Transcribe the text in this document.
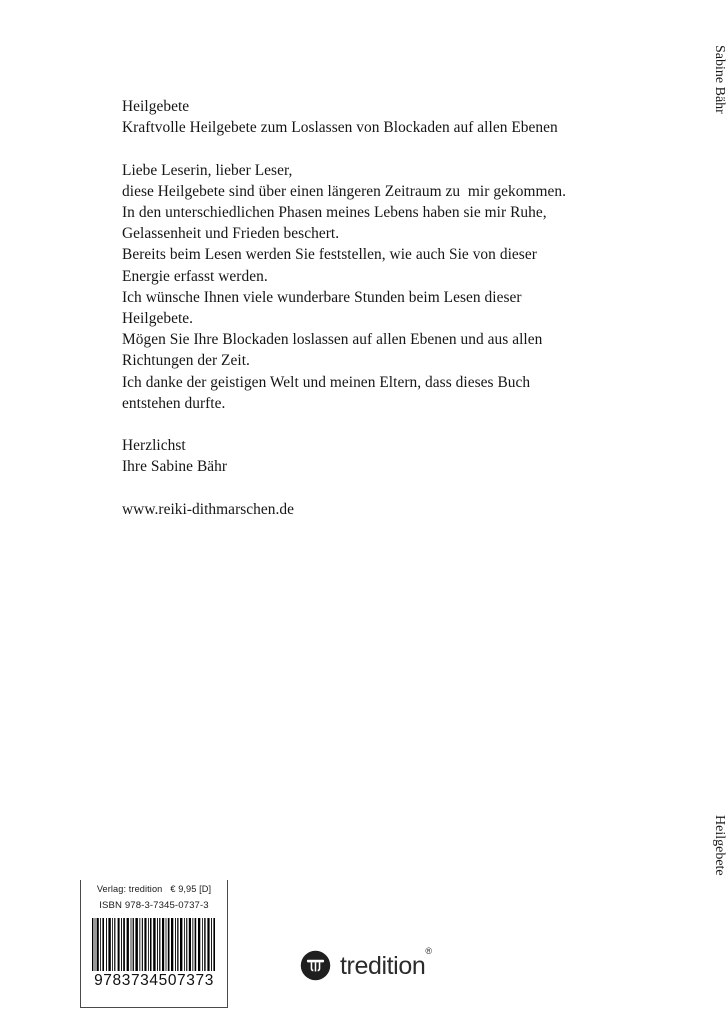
Heilgebete
Kraftvolle Heilgebete zum Loslassen von Blockaden auf allen Ebenen

Liebe Leserin, lieber Leser,
diese Heilgebete sind über einen längeren Zeitraum zu  mir gekommen.
In den unterschiedlichen Phasen meines Lebens haben sie mir Ruhe,
Gelassenheit und Frieden beschert.
Bereits beim Lesen werden Sie feststellen, wie auch Sie von dieser
Energie erfasst werden.
Ich wünsche Ihnen viele wunderbare Stunden beim Lesen dieser
Heilgebete.
Mögen Sie Ihre Blockaden loslassen auf allen Ebenen und aus allen
Richtungen der Zeit.
Ich danke der geistigen Welt und meinen Eltern, dass dieses Buch
entstehen durfte.

Herzlichst
Ihre Sabine Bähr

www.reiki-dithmarschen.de

Verlag: tredition   € 9,95 [D]
ISBN 978-3-7345-0737-3
9783734507373
tredition®
Sabine Bähr
Heilgebete
